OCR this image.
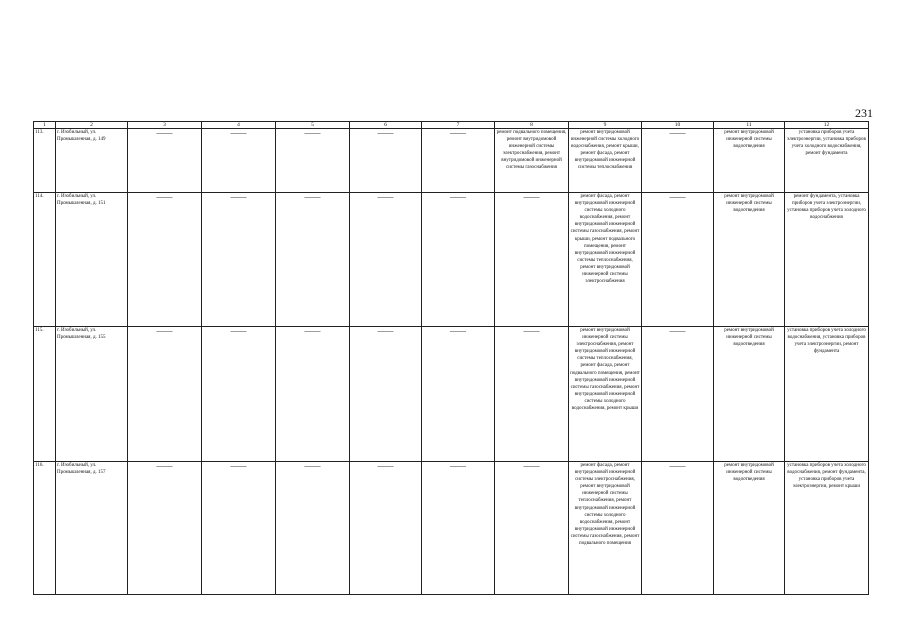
231
1	2	3	4	5	6	7	8	9	10	11	12
113.	г. Изобильный, ул. Промышленная, д. 149	——	——	——	——	——	ремонт подвального помещения, ремонт внутридомовой инженерной системы электроснабжения, ремонт внутридомовой инженерной системы газоснабжения	ремонт внутридомовой инженерной системы холодного водоснабжения, ремонт крыши, ремонт фасада, ремонт внутридомовой инженерной системы теплоснабжения	——	ремонт внутридомовой инженерной системы водоотведения	установка приборов учета электроэнергии, установка приборов учета холодного водоснабжения, ремонт фундамента
114.	г. Изобильный, ул. Промышленная, д. 151	——	——	——	——	——	——	ремонт фасада, ремонт внутридомовой инженерной системы холодного водоснабжения, ремонт внутридомовой инженерной системы газоснабжения, ремонт крыши, ремонт подвального помещения, ремонт внутридомовой инженерной системы теплоснабжения, ремонт внутридомовой инженерной системы электроснабжения	——	ремонт внутридомовой инженерной системы водоотведения	ремонт фундамента, установка приборов учета электроэнергии, установка приборов учета холодного водоснабжения
115.	г. Изобильный, ул. Промышленная, д. 155	——	——	——	——	——	——	ремонт внутридомовой инженерной системы электроснабжения, ремонт внутридомовой инженерной системы теплоснабжения, ремонт фасада, ремонт подвального помещения, ремонт внутридомовой инженерной системы газоснабжения, ремонт внутридомовой инженерной системы холодного водоснабжения, ремонт крыши	——	ремонт внутридомовой инженерной системы водоотведения	установка приборов учета холодного водоснабжения, установка приборов учета электроэнергии, ремонт фундамента
116.	г. Изобильный, ул. Промышленная, д. 157	——	——	——	——	——	——	ремонт фасада, ремонт внутридомовой инженерной системы электроснабжения, ремонт внутридомовой инженерной системы теплоснабжения, ремонт внутридомовой инженерной системы холодного водоснабжения, ремонт внутридомовой инженерной системы газоснабжения, ремонт подвального помещения	——	ремонт внутридомовой инженерной системы водоотведения	установка приборов учета холодного водоснабжения, ремонт фундамента, установка приборов учета электроэнергии, ремонт крыши
